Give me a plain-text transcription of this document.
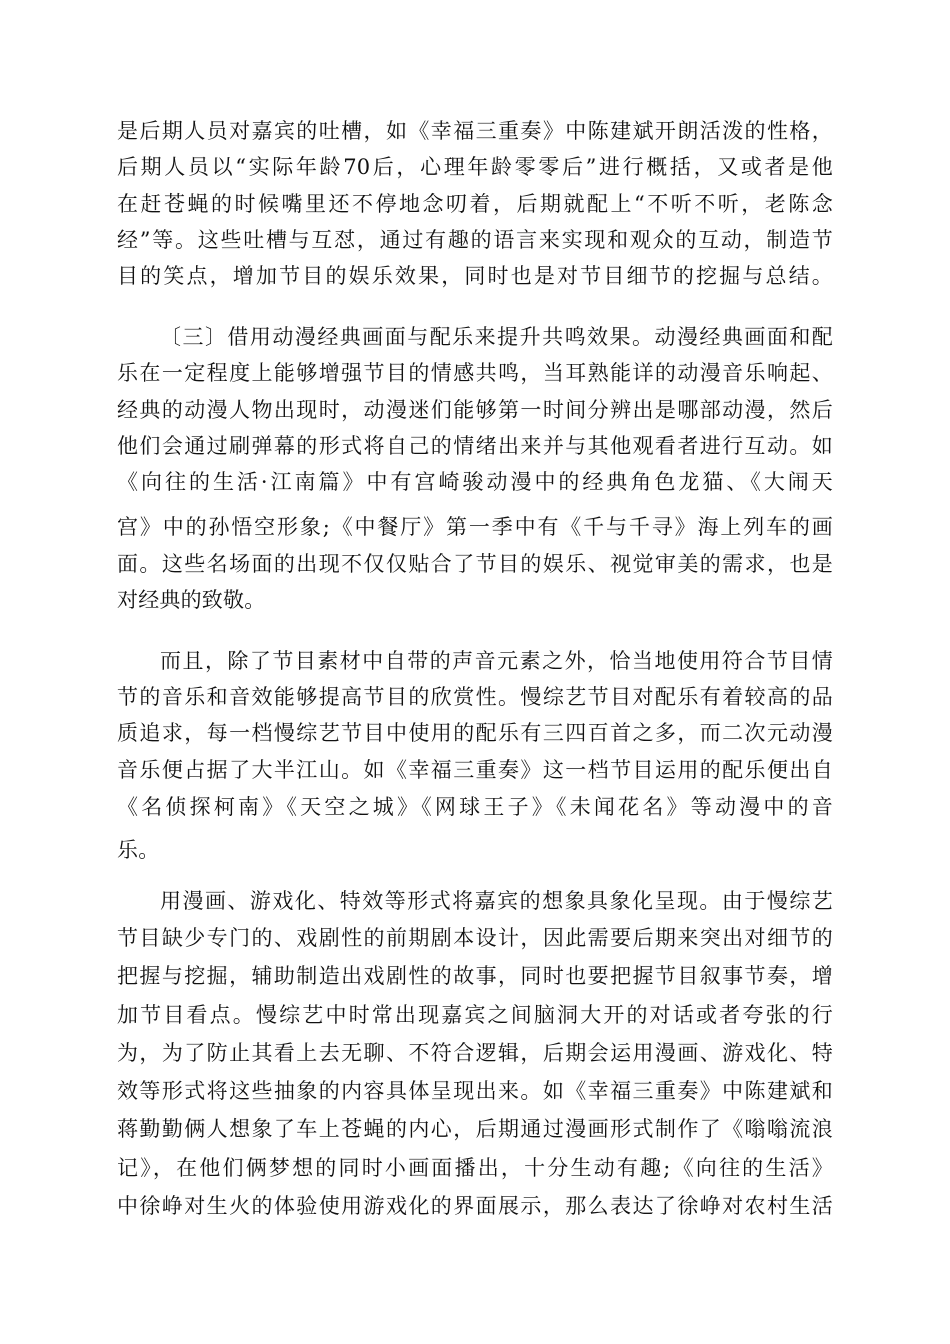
是后期人员对嘉宾的吐槽，如《幸福三重奏》中陈建斌开朗活泼的性格，
后期人员以“实际年龄70后，心理年龄零零后”进行概括，又或者是他
在赶苍蝇的时候嘴里还不停地念叨着，后期就配上“不听不听，老陈念
经”等。这些吐槽与互怼，通过有趣的语言来实现和观众的互动，制造节
目的笑点，增加节目的娱乐效果，同时也是对节目细节的挖掘与总结。
〔三〕借用动漫经典画面与配乐来提升共鸣效果。动漫经典画面和配
乐在一定程度上能够增强节目的情感共鸣，当耳熟能详的动漫音乐响起、
经典的动漫人物出现时，动漫迷们能够第一时间分辨出是哪部动漫，然后
他们会通过刷弹幕的形式将自己的情绪出来并与其他观看者进行互动。如
《向往的生活·江南篇》中有宫崎骏动漫中的经典角色龙猫、《大闹天
宫》中的孙悟空形象;《中餐厅》第一季中有《千与千寻》海上列车的画
面。这些名场面的出现不仅仅贴合了节目的娱乐、视觉审美的需求，也是
对经典的致敬。
而且，除了节目素材中自带的声音元素之外，恰当地使用符合节目情
节的音乐和音效能够提高节目的欣赏性。慢综艺节目对配乐有着较高的品
质追求，每一档慢综艺节目中使用的配乐有三四百首之多，而二次元动漫
音乐便占据了大半江山。如《幸福三重奏》这一档节目运用的配乐便出自
《名侦探柯南》《天空之城》《网球王子》《未闻花名》等动漫中的音
乐。
用漫画、游戏化、特效等形式将嘉宾的想象具象化呈现。由于慢综艺
节目缺少专门的、戏剧性的前期剧本设计，因此需要后期来突出对细节的
把握与挖掘，辅助制造出戏剧性的故事，同时也要把握节目叙事节奏，增
加节目看点。慢综艺中时常出现嘉宾之间脑洞大开的对话或者夸张的行
为，为了防止其看上去无聊、不符合逻辑，后期会运用漫画、游戏化、特
效等形式将这些抽象的内容具体呈现出来。如《幸福三重奏》中陈建斌和
蒋勤勤俩人想象了车上苍蝇的内心，后期通过漫画形式制作了《嗡嗡流浪
记》，在他们俩梦想的同时小画面播出，十分生动有趣;《向往的生活》
中徐峥对生火的体验使用游戏化的界面展示，那么表达了徐峥对农村生活
